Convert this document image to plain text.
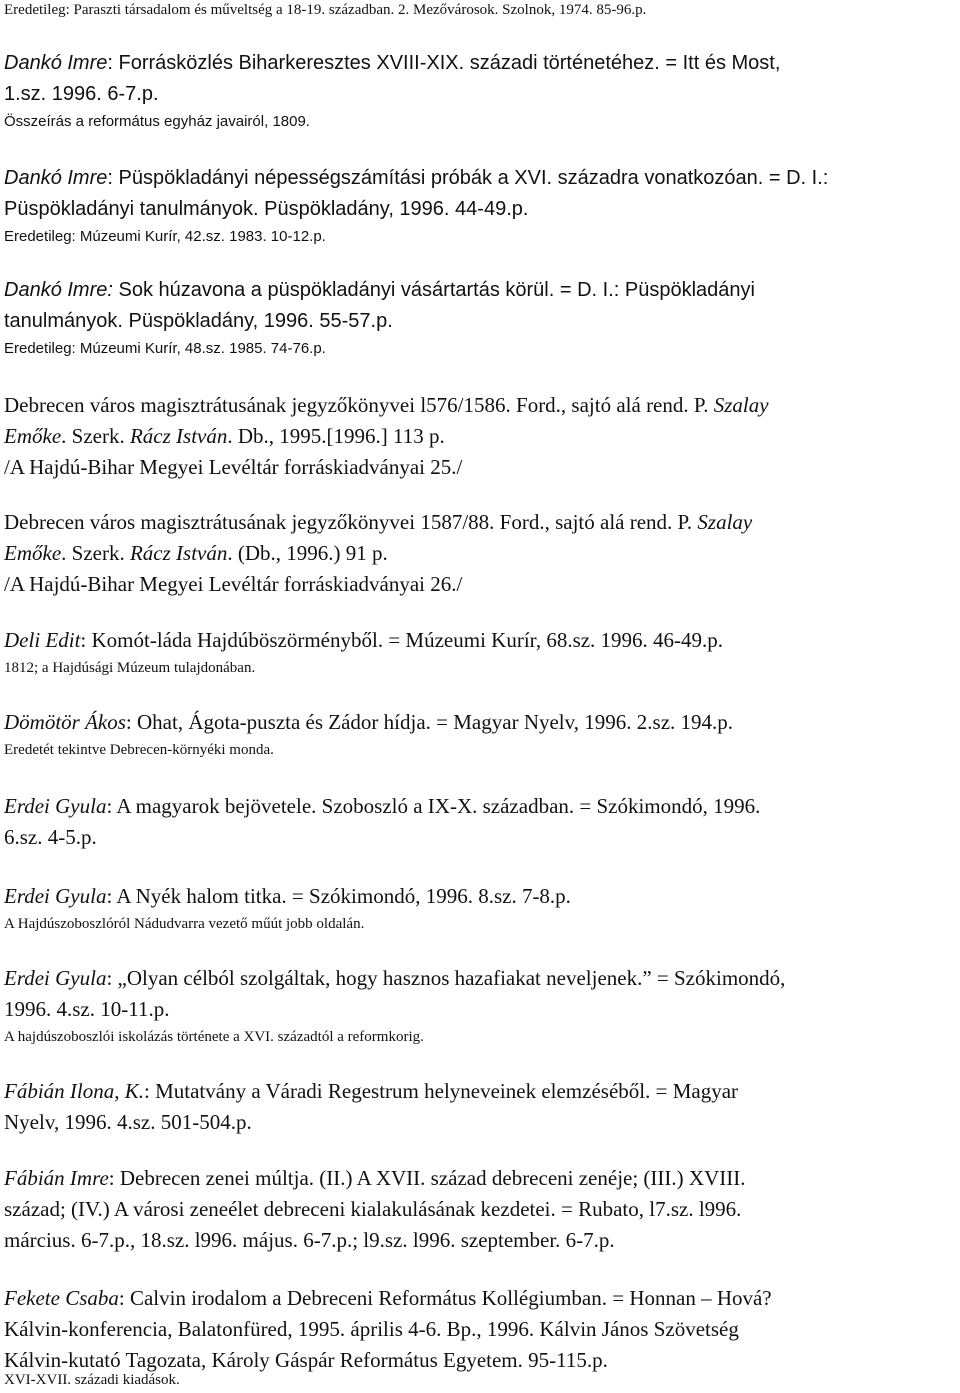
Eredetileg: Paraszti társadalom és műveltség a 18-19. században. 2. Mezővárosok. Szolnok, 1974. 85-96.p.

Dankó Imre: Forrásközlés Biharkeresztes XVIII-XIX. századi történetéhez. = Itt és Most,

1.sz. 1996. 6-7.p.

Összeírás a református egyház javairól, 1809.

Dankó Imre: Püspökladányi népességszámítási próbák a XVI. századra vonatkozóan. = D. I.:

Püspökladányi tanulmányok. Püspökladány, 1996. 44-49.p.

Eredetileg: Múzeumi Kurír, 42.sz. 1983. 10-12.p.

Dankó Imre: Sok húzavona a püspökladányi vásártartás körül. = D. I.: Püspökladányi

tanulmányok. Püspökladány, 1996. 55-57.p.

Eredetileg: Múzeumi Kurír, 48.sz. 1985. 74-76.p.

Debrecen város magisztrátusának jegyzőkönyvei l576/1586. Ford., sajtó alá rend. P. Szalay

Emőke. Szerk. Rácz István. Db., 1995.[1996.] 113 p.

/A Hajdú-Bihar Megyei Levéltár forráskiadványai 25./

Debrecen város magisztrátusának jegyzőkönyvei 1587/88. Ford., sajtó alá rend. P. Szalay

Emőke. Szerk. Rácz István. (Db., 1996.) 91 p.

/A Hajdú-Bihar Megyei Levéltár forráskiadványai 26./

Deli Edit: Komót-láda Hajdúböszörményből. = Múzeumi Kurír, 68.sz. 1996. 46-49.p.

1812; a Hajdúsági Múzeum tulajdonában.

Dömötör Ákos: Ohat, Ágota-puszta és Zádor hídja. = Magyar Nyelv, 1996. 2.sz. 194.p.

Eredetét tekintve Debrecen-környéki monda.

Erdei Gyula: A magyarok bejövetele. Szoboszló a IX-X. században. = Szókimondó, 1996.

6.sz. 4-5.p.

Erdei Gyula: A Nyék halom titka. = Szókimondó, 1996. 8.sz. 7-8.p.

A Hajdúszoboszlóról Nádudvarra vezető műút jobb oldalán.

Erdei Gyula: „Olyan célból szolgáltak, hogy hasznos hazafiakat neveljenek.” = Szókimondó,

1996. 4.sz. 10-11.p.

A hajdúszoboszlói iskolázás története a XVI. századtól a reformkorig.

Fábián Ilona, K.: Mutatvány a Váradi Regestrum helyneveinek elemzéséből. = Magyar

Nyelv, 1996. 4.sz. 501-504.p.

Fábián Imre: Debrecen zenei múltja. (II.) A XVII. század debreceni zenéje; (III.) XVIII.

század; (IV.) A városi zeneélet debreceni kialakulásának kezdetei. = Rubato, l7.sz. l996.

március. 6-7.p., 18.sz. l996. május. 6-7.p.; l9.sz. l996. szeptember. 6-7.p.

Fekete Csaba: Calvin irodalom a Debreceni Református Kollégiumban. = Honnan – Hová?

Kálvin-konferencia, Balatonfüred, 1995. április 4-6. Bp., 1996. Kálvin János Szövetség

Kálvin-kutató Tagozata, Károly Gáspár Református Egyetem. 95-115.p.

XVI-XVII. századi kiadások.
